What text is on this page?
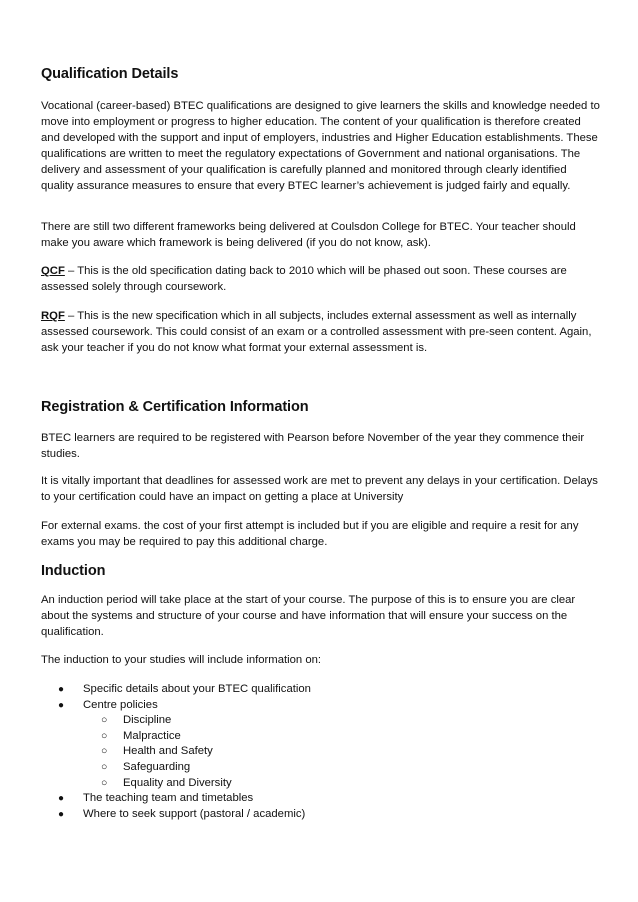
Qualification Details

Vocational (career-based) BTEC qualifications are designed to give learners the skills and knowledge needed to move into employment or progress to higher education. The content of your qualification is therefore created and developed with the support and input of employers, industries and Higher Education establishments. These qualifications are written to meet the regulatory expectations of Government and national organisations. The delivery and assessment of your qualification is carefully planned and monitored through clearly identified quality assurance measures to ensure that every BTEC learner’s achievement is judged fairly and equally.

There are still two different frameworks being delivered at Coulsdon College for BTEC. Your teacher should make you aware which framework is being delivered (if you do not know, ask).

QCF – This is the old specification dating back to 2010 which will be phased out soon. These courses are assessed solely through coursework.

RQF – This is the new specification which in all subjects, includes external assessment as well as internally assessed coursework. This could consist of an exam or a controlled assessment with pre-seen content. Again, ask your teacher if you do not know what format your external assessment is.

Registration & Certification Information

BTEC learners are required to be registered with Pearson before November of the year they commence their studies.

It is vitally important that deadlines for assessed work are met to prevent any delays in your certification. Delays to your certification could have an impact on getting a place at University

For external exams. the cost of your first attempt is included but if you are eligible and require a resit for any exams you may be required to pay this additional charge.

Induction

An induction period will take place at the start of your course. The purpose of this is to ensure you are clear about the systems and structure of your course and have information that will ensure your success on the qualification.

The induction to your studies will include information on:

● Specific details about your BTEC qualification
● Centre policies
○ Discipline
○ Malpractice
○ Health and Safety
○ Safeguarding
○ Equality and Diversity
● The teaching team and timetables
● Where to seek support (pastoral / academic)
